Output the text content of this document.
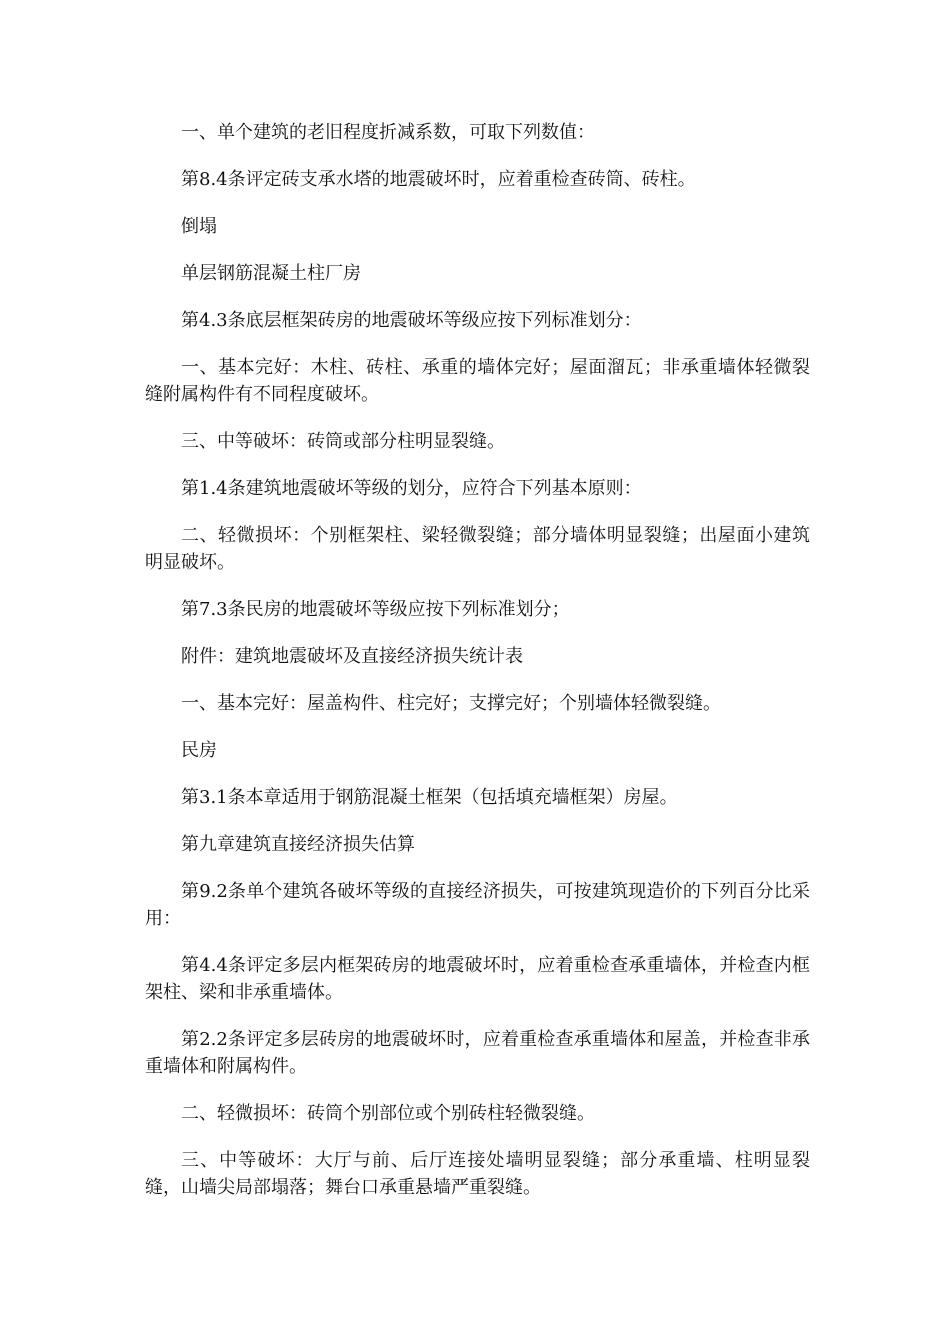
一、单个建筑的老旧程度折减系数，可取下列数值：

第8.4条评定砖支承水塔的地震破坏时，应着重检查砖筒、砖柱。

倒塌

单层钢筋混凝土柱厂房

第4.3条底层框架砖房的地震破坏等级应按下列标准划分：

一、基本完好：木柱、砖柱、承重的墙体完好；屋面溜瓦；非承重墙体轻微裂缝附属构件有不同程度破坏。

三、中等破坏：砖筒或部分柱明显裂缝。

第1.4条建筑地震破坏等级的划分，应符合下列基本原则：

二、轻微损坏：个别框架柱、梁轻微裂缝；部分墙体明显裂缝；出屋面小建筑明显破坏。

第7.3条民房的地震破坏等级应按下列标准划分；

附件：建筑地震破坏及直接经济损失统计表

一、基本完好：屋盖构件、柱完好；支撑完好；个别墙体轻微裂缝。

民房

第3.1条本章适用于钢筋混凝土框架（包括填充墙框架）房屋。

第九章建筑直接经济损失估算

第9.2条单个建筑各破坏等级的直接经济损失，可按建筑现造价的下列百分比采用：

第4.4条评定多层内框架砖房的地震破坏时，应着重检查承重墙体，并检查内框架柱、梁和非承重墙体。

第2.2条评定多层砖房的地震破坏时，应着重检查承重墙体和屋盖，并检查非承重墙体和附属构件。

二、轻微损坏：砖筒个别部位或个别砖柱轻微裂缝。

三、中等破坏：大厅与前、后厅连接处墙明显裂缝；部分承重墙、柱明显裂缝，山墙尖局部塌落；舞台口承重悬墙严重裂缝。
